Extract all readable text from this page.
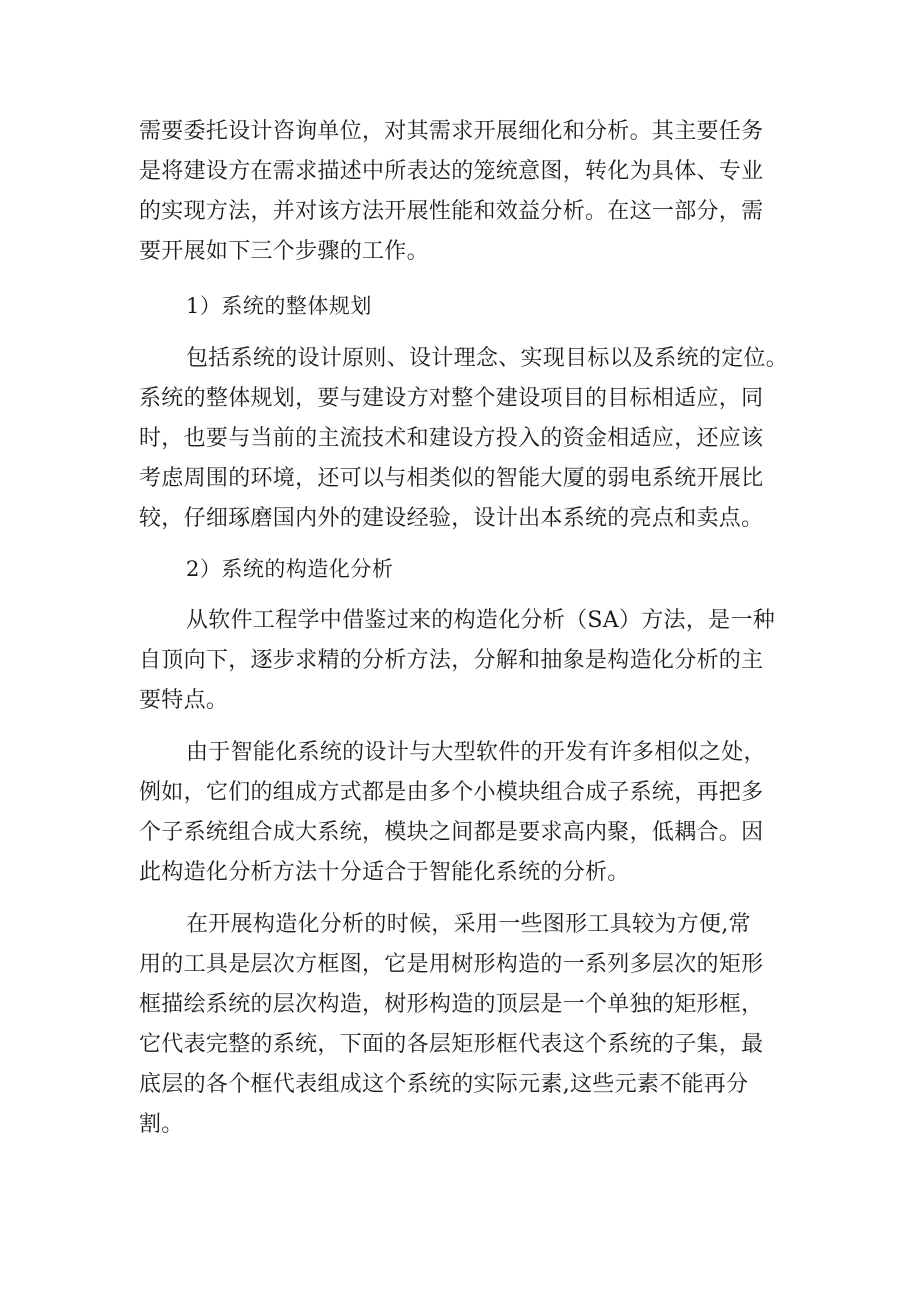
需要委托设计咨询单位，对其需求开展细化和分析。其主要任务
是将建设方在需求描述中所表达的笼统意图，转化为具体、专业
的实现方法，并对该方法开展性能和效益分析。在这一部分，需
要开展如下三个步骤的工作。
1）系统的整体规划
包括系统的设计原则、设计理念、实现目标以及系统的定位。
系统的整体规划，要与建设方对整个建设项目的目标相适应，同
时，也要与当前的主流技术和建设方投入的资金相适应，还应该
考虑周围的环境，还可以与相类似的智能大厦的弱电系统开展比
较，仔细琢磨国内外的建设经验，设计出本系统的亮点和卖点。
2）系统的构造化分析
从软件工程学中借鉴过来的构造化分析（SA）方法，是一种
自顶向下，逐步求精的分析方法，分解和抽象是构造化分析的主
要特点。
由于智能化系统的设计与大型软件的开发有许多相似之处，
例如，它们的组成方式都是由多个小模块组合成子系统，再把多
个子系统组合成大系统，模块之间都是要求高内聚，低耦合。因
此构造化分析方法十分适合于智能化系统的分析。
在开展构造化分析的时候，采用一些图形工具较为方便,常
用的工具是层次方框图，它是用树形构造的一系列多层次的矩形
框描绘系统的层次构造，树形构造的顶层是一个单独的矩形框，
它代表完整的系统，下面的各层矩形框代表这个系统的子集，最
底层的各个框代表组成这个系统的实际元素,这些元素不能再分
割。
